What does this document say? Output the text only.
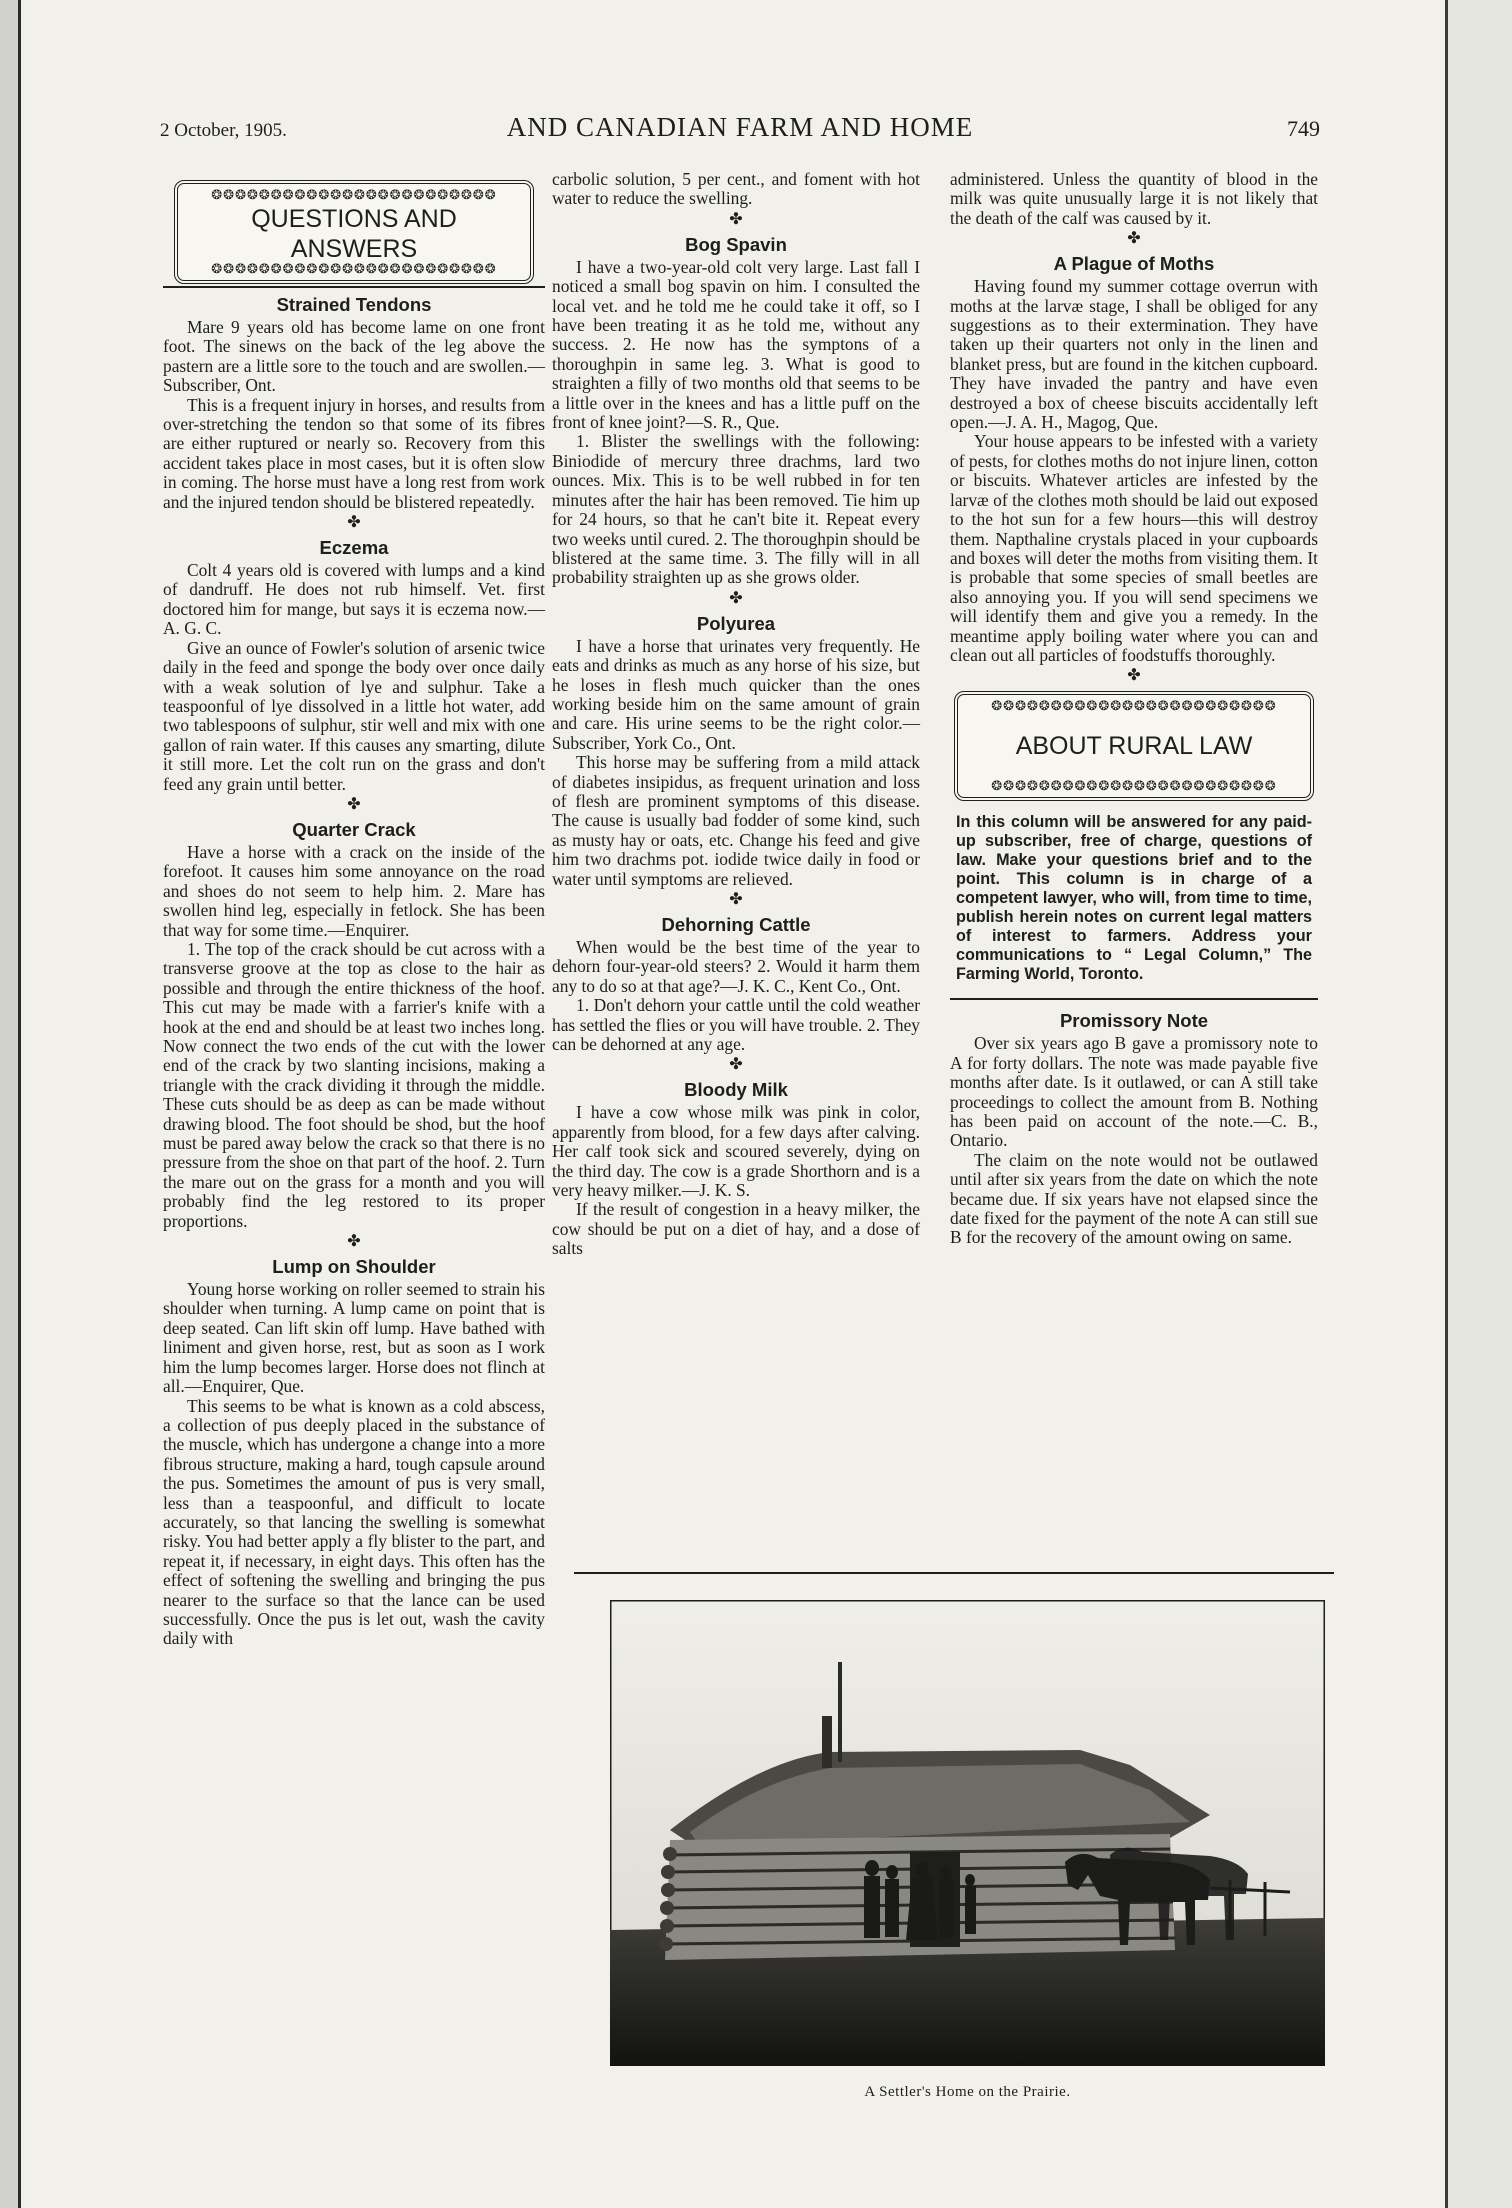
2 October, 1905.	AND CANADIAN FARM AND HOME	749
❂❂❂❂❂❂❂❂❂❂❂❂❂❂❂❂❂❂❂❂❂❂❂❂
QUESTIONS AND
ANSWERS
❂❂❂❂❂❂❂❂❂❂❂❂❂❂❂❂❂❂❂❂❂❂❂❂
Strained Tendons

Mare 9 years old has become lame on one front foot. The sinews on the back of the leg above the pastern are a little sore to the touch and are swollen.—Subscriber, Ont.

This is a frequent injury in horses, and results from over-stretching the tendon so that some of its fibres are either ruptured or nearly so. Recovery from this accident takes place in most cases, but it is often slow in coming. The horse must have a long rest from work and the injured tendon should be blistered repeatedly.

✤
Eczema

Colt 4 years old is covered with lumps and a kind of dandruff. He does not rub himself. Vet. first doctored him for mange, but says it is eczema now.—A. G. C.

Give an ounce of Fowler's solution of arsenic twice daily in the feed and sponge the body over once daily with a weak solution of lye and sulphur. Take a teaspoonful of lye dissolved in a little hot water, add two tablespoons of sulphur, stir well and mix with one gallon of rain water. If this causes any smarting, dilute it still more. Let the colt run on the grass and don't feed any grain until better.

✤
Quarter Crack

Have a horse with a crack on the inside of the forefoot. It causes him some annoyance on the road and shoes do not seem to help him. 2. Mare has swollen hind leg, especially in fetlock. She has been that way for some time.—Enquirer.

1. The top of the crack should be cut across with a transverse groove at the top as close to the hair as possible and through the entire thickness of the hoof. This cut may be made with a farrier's knife with a hook at the end and should be at least two inches long. Now connect the two ends of the cut with the lower end of the crack by two slanting incisions, making a triangle with the crack dividing it through the middle. These cuts should be as deep as can be made without drawing blood. The foot should be shod, but the hoof must be pared away below the crack so that there is no pressure from the shoe on that part of the hoof. 2. Turn the mare out on the grass for a month and you will probably find the leg restored to its proper proportions.

✤
Lump on Shoulder

Young horse working on roller seemed to strain his shoulder when turning. A lump came on point that is deep seated. Can lift skin off lump. Have bathed with liniment and given horse, rest, but as soon as I work him the lump becomes larger. Horse does not flinch at all.—Enquirer, Que.

This seems to be what is known as a cold abscess, a collection of pus deeply placed in the substance of the muscle, which has undergone a change into a more fibrous structure, making a hard, tough capsule around the pus. Sometimes the amount of pus is very small, less than a teaspoonful, and difficult to locate accurately, so that lancing the swelling is somewhat risky. You had better apply a fly blister to the part, and repeat it, if necessary, in eight days. This often has the effect of softening the swelling and bringing the pus nearer to the surface so that the lance can be used successfully. Once the pus is let out, wash the cavity daily with

carbolic solution, 5 per cent., and foment with hot water to reduce the swelling.

✤
Bog Spavin

I have a two-year-old colt very large. Last fall I noticed a small bog spavin on him. I consulted the local vet. and he told me he could take it off, so I have been treating it as he told me, without any success. 2. He now has the symptons of a thoroughpin in same leg. 3. What is good to straighten a filly of two months old that seems to be a little over in the knees and has a little puff on the front of knee joint?—S. R., Que.

1. Blister the swellings with the following: Biniodide of mercury three drachms, lard two ounces. Mix. This is to be well rubbed in for ten minutes after the hair has been removed. Tie him up for 24 hours, so that he can't bite it. Repeat every two weeks until cured. 2. The thoroughpin should be blistered at the same time. 3. The filly will in all probability straighten up as she grows older.

✤
Polyurea

I have a horse that urinates very frequently. He eats and drinks as much as any horse of his size, but he loses in flesh much quicker than the ones working beside him on the same amount of grain and care. His urine seems to be the right color.—Subscriber, York Co., Ont.

This horse may be suffering from a mild attack of diabetes insipidus, as frequent urination and loss of flesh are prominent symptoms of this disease. The cause is usually bad fodder of some kind, such as musty hay or oats, etc. Change his feed and give him two drachms pot. iodide twice daily in food or water until symptoms are relieved.

✤
Dehorning Cattle

When would be the best time of the year to dehorn four-year-old steers? 2. Would it harm them any to do so at that age?—J. K. C., Kent Co., Ont.

1. Don't dehorn your cattle until the cold weather has settled the flies or you will have trouble. 2. They can be dehorned at any age.

✤
Bloody Milk

I have a cow whose milk was pink in color, apparently from blood, for a few days after calving. Her calf took sick and scoured severely, dying on the third day. The cow is a grade Shorthorn and is a very heavy milker.—J. K. S.

If the result of congestion in a heavy milker, the cow should be put on a diet of hay, and a dose of salts

administered. Unless the quantity of blood in the milk was quite unusually large it is not likely that the death of the calf was caused by it.

✤
A Plague of Moths

Having found my summer cottage overrun with moths at the larvæ stage, I shall be obliged for any suggestions as to their extermination. They have taken up their quarters not only in the linen and blanket press, but are found in the kitchen cupboard. They have invaded the pantry and have even destroyed a box of cheese biscuits accidentally left open.—J. A. H., Magog, Que.

Your house appears to be infested with a variety of pests, for clothes moths do not injure linen, cotton or biscuits. Whatever articles are infested by the larvæ of the clothes moth should be laid out exposed to the hot sun for a few hours—this will destroy them. Napthaline crystals placed in your cupboards and boxes will deter the moths from visiting them. It is probable that some species of small beetles are also annoying you. If you will send specimens we will identify them and give you a remedy. In the meantime apply boiling water where you can and clean out all particles of foodstuffs thoroughly.

✤
❂❂❂❂❂❂❂❂❂❂❂❂❂❂❂❂❂❂❂❂❂❂❂❂
ABOUT RURAL LAW
❂❂❂❂❂❂❂❂❂❂❂❂❂❂❂❂❂❂❂❂❂❂❂❂
In this column will be answered for any paid-up subscriber, free of charge, questions of law. Make your questions brief and to the point. This column is in charge of a competent lawyer, who will, from time to time, publish herein notes on current legal matters of interest to farmers. Address your communications to “ Legal Column,” The Farming World, Toronto.
Promissory Note

Over six years ago B gave a promissory note to A for forty dollars. The note was made payable five months after date. Is it outlawed, or can A still take proceedings to collect the amount from B. Nothing has been paid on account of the note.—C. B., Ontario.

The claim on the note would not be outlawed until after six years from the date on which the note became due. If six years have not elapsed since the date fixed for the payment of the note A can still sue B for the recovery of the amount owing on same.

A Settler's Home on the Prairie.
